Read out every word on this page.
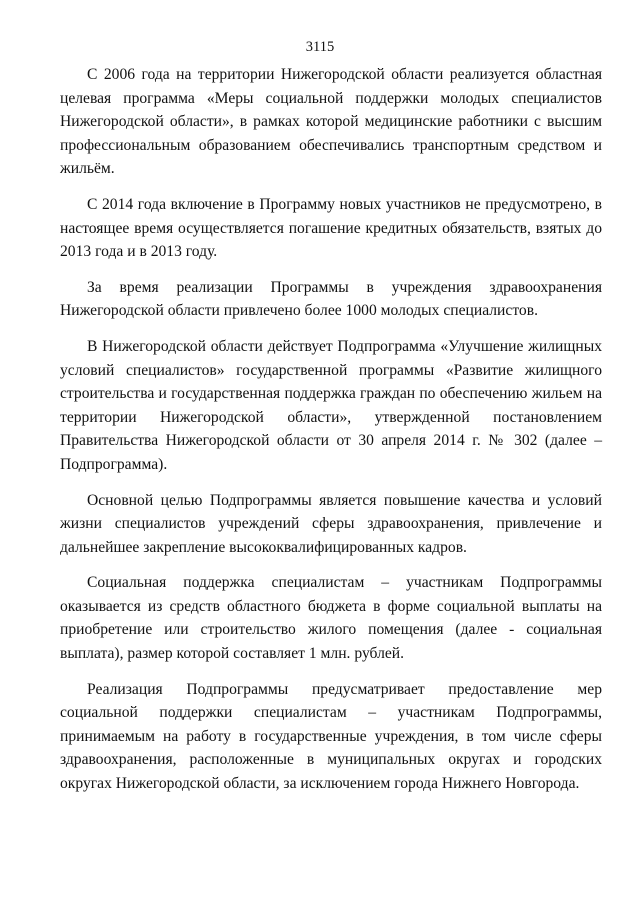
3115

С 2006 года на территории Нижегородской области реализуется областная целевая программа «Меры социальной поддержки молодых специалистов Нижегородской области», в рамках которой медицинские работники с высшим профессиональным образованием обеспечивались транспортным средством и жильём.

С 2014 года включение в Программу новых участников не предусмотрено, в настоящее время осуществляется погашение кредитных обязательств, взятых до 2013 года и в 2013 году.

За время реализации Программы в учреждения здравоохранения Нижегородской области привлечено более 1000 молодых специалистов.

В Нижегородской области действует Подпрограмма «Улучшение жилищных условий специалистов» государственной программы «Развитие жилищного строительства и государственная поддержка граждан по обеспечению жильем на территории Нижегородской области», утвержденной постановлением Правительства Нижегородской области от 30 апреля 2014 г. № 302 (далее – Подпрограмма).

Основной целью Подпрограммы является повышение качества и условий жизни специалистов учреждений сферы здравоохранения, привлечение и дальнейшее закрепление высококвалифицированных кадров.

Социальная поддержка специалистам – участникам Подпрограммы оказывается из средств областного бюджета в форме социальной выплаты на приобретение или строительство жилого помещения (далее - социальная выплата), размер которой составляет 1 млн. рублей.

Реализация Подпрограммы предусматривает предоставление мер социальной поддержки специалистам – участникам Подпрограммы, принимаемым на работу в государственные учреждения, в том числе сферы здравоохранения, расположенные в муниципальных округах и городских округах Нижегородской области, за исключением города Нижнего Новгорода.
